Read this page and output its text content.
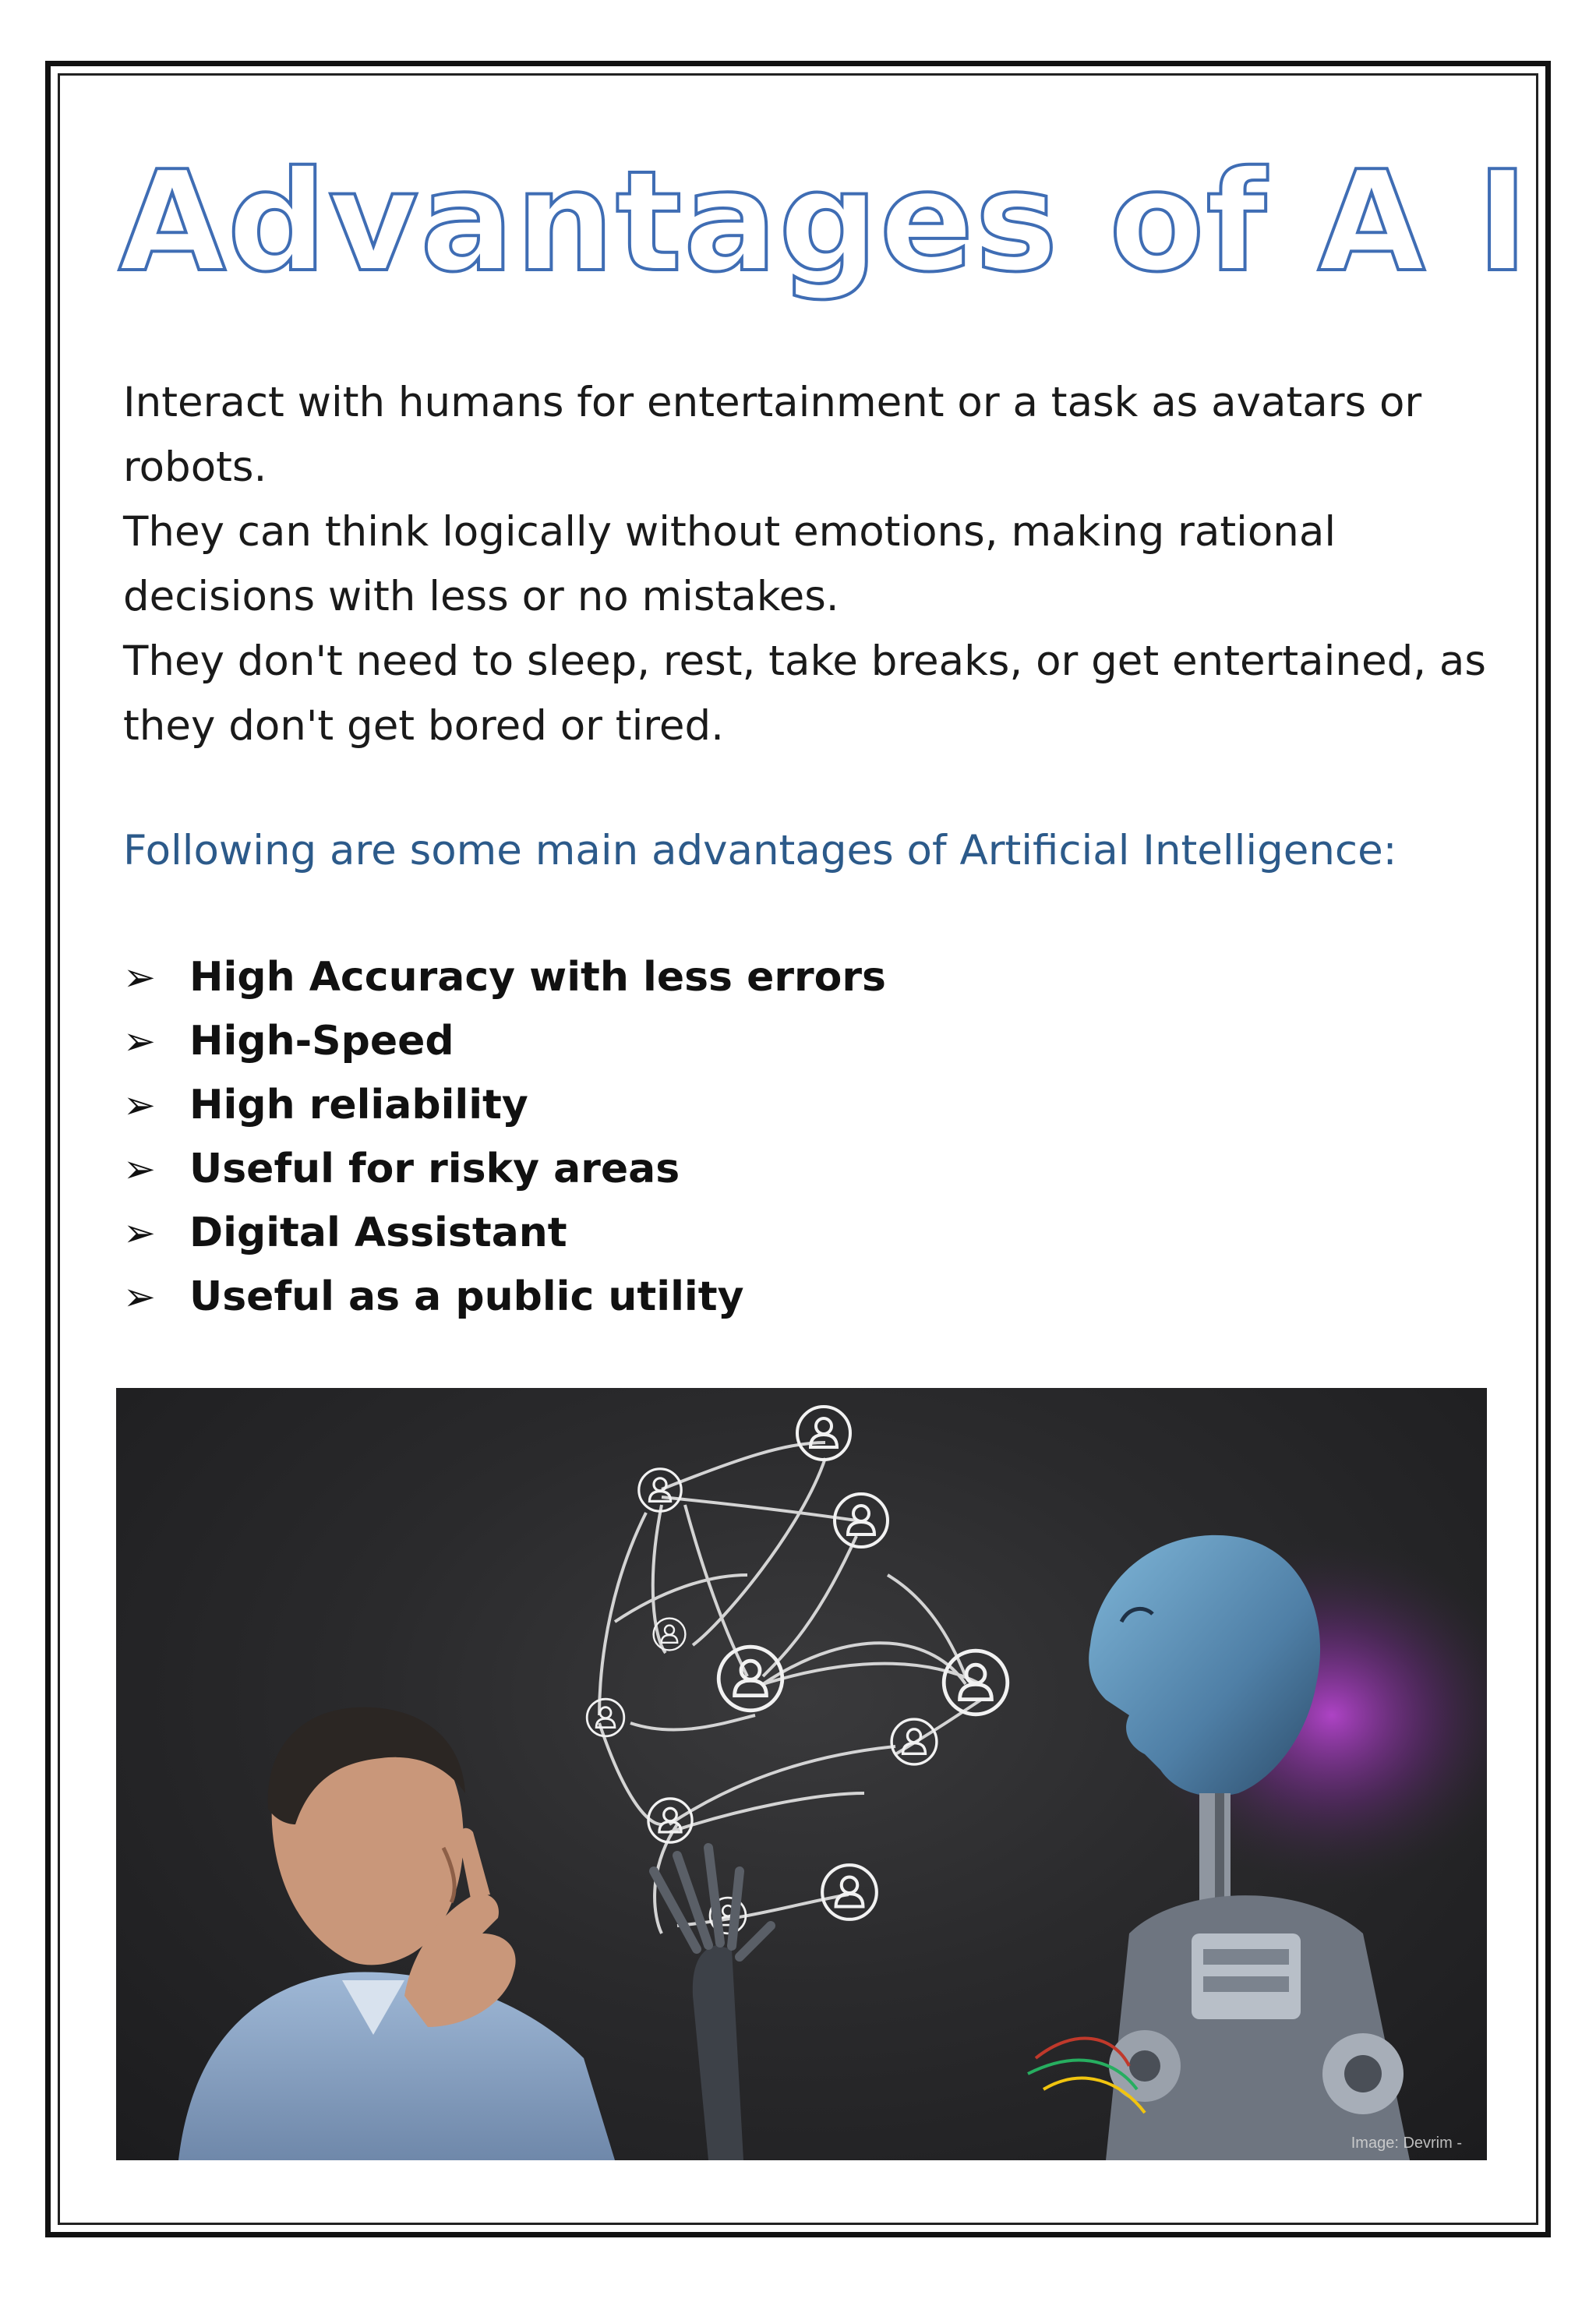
Advantages of A I

Interact with humans for entertainment or a task as avatars or robots.

They can think logically without emotions, making rational decisions with less or no mistakes.

They don't need to sleep, rest, take breaks, or get entertained, as they don't get bored or tired.

Following are some main advantages of Artificial Intelligence:
➢ High Accuracy with less errors
➢ High-Speed
➢ High reliability
➢ Useful for risky areas
➢ Digital Assistant
➢ Useful as a public utility
Image: Devrim -
